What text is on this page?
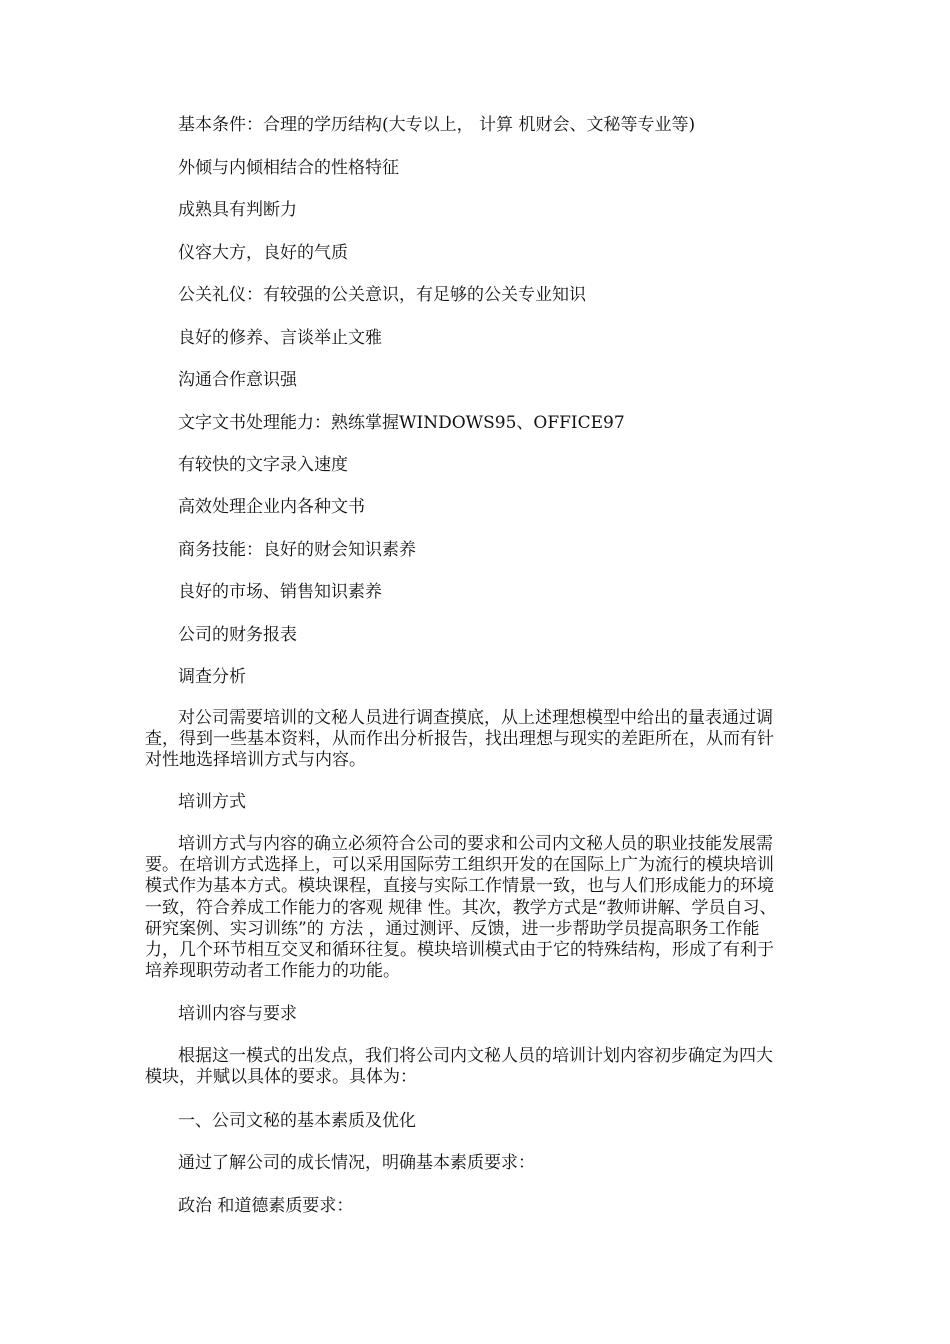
基本条件：合理的学历结构(大专以上， 计算 机财会、文秘等专业等)
外倾与内倾相结合的性格特征
成熟具有判断力
仪容大方，良好的气质
公关礼仪：有较强的公关意识，有足够的公关专业知识
良好的修养、言谈举止文雅
沟通合作意识强
文字文书处理能力：熟练掌握WINDOWS95、OFFICE97
有较快的文字录入速度
高效处理企业内各种文书
商务技能：良好的财会知识素养
良好的市场、销售知识素养
公司的财务报表
调查分析
对公司需要培训的文秘人员进行调查摸底，从上述理想模型中给出的量表通过调
查，得到一些基本资料，从而作出分析报告，找出理想与现实的差距所在，从而有针
对性地选择培训方式与内容。
培训方式
培训方式与内容的确立必须符合公司的要求和公司内文秘人员的职业技能发展需
要。在培训方式选择上，可以采用国际劳工组织开发的在国际上广为流行的模块培训
模式作为基本方式。模块课程，直接与实际工作情景一致，也与人们形成能力的环境
一致，符合养成工作能力的客观 规律 性。其次，教学方式是“教师讲解、学员自习、
研究案例、实习训练”的 方法 ，通过测评、反馈，进一步帮助学员提高职务工作能
力，几个环节相互交叉和循环往复。模块培训模式由于它的特殊结构，形成了有利于
培养现职劳动者工作能力的功能。
培训内容与要求
根据这一模式的出发点，我们将公司内文秘人员的培训计划内容初步确定为四大
模块，并赋以具体的要求。具体为：
一、公司文秘的基本素质及优化
通过了解公司的成长情况，明确基本素质要求：
政治 和道德素质要求：
